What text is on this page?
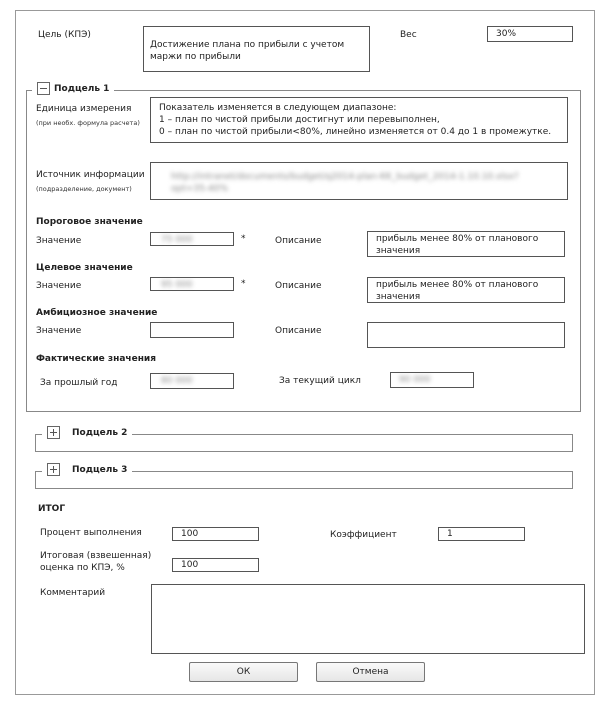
Цель (КПЭ)
Достижение плана по прибыли с учетом маржи по прибыли
Вес	30%
Подцель 1
Единица измерения
(при необх. формула расчета)
Показатель изменяется в следующем диапазоне:
1 – план по чистой прибыли достигнут или перевыполнен,
0 – план по чистой прибыли<80%, линейно изменяется от 0.4 до 1 в промежутке.
Источник информации
(подразделение, документ)
http://intranet/documents/budget/q2014-plan-KK_budget_2014-1.10.10.xlsx?opt=35-40%
Пороговое значение
Значение	75 000	*	Описание	прибыль менее 80% от планового значения
Целевое значение
Значение	95 000	*	Описание	прибыль менее 80% от планового значения
Амбициозное значение
Значение	Описание
Фактические значения
За прошлый год	80 000	За текущий цикл	90 000
Подцель 2
Подцель 3
ИТОГ
Процент выполнения	100	Коэффициент	1
Итоговая (взвешенная)
оценка по КПЭ, %	100
Комментарий
ОК	Отмена
